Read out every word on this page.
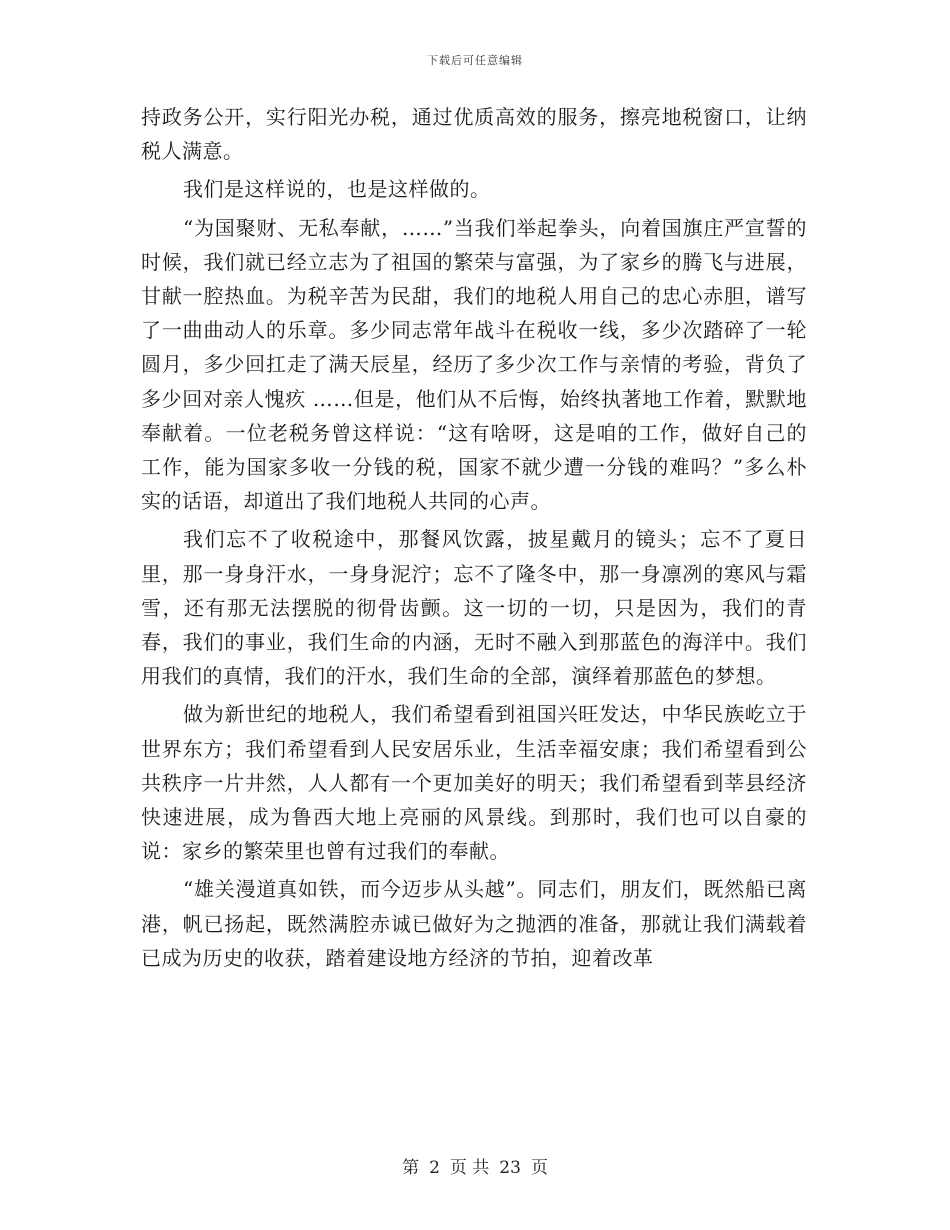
下载后可任意编辑

持政务公开，实行阳光办税，通过优质高效的服务，擦亮地税窗口，让纳税人满意。

我们是这样说的，也是这样做的。

“为国聚财、无私奉献，……”当我们举起拳头，向着国旗庄严宣誓的时候，我们就已经立志为了祖国的繁荣与富强，为了家乡的腾飞与进展，甘献一腔热血。为税辛苦为民甜，我们的地税人用自己的忠心赤胆，谱写了一曲曲动人的乐章。多少同志常年战斗在税收一线，多少次踏碎了一轮圆月，多少回扛走了满天辰星，经历了多少次工作与亲情的考验，背负了多少回对亲人愧疚 ……但是，他们从不后悔，始终执著地工作着，默默地奉献着。一位老税务曾这样说：“这有啥呀，这是咱的工作，做好自己的工作，能为国家多收一分钱的税，国家不就少遭一分钱的难吗？”多么朴实的话语，却道出了我们地税人共同的心声。

我们忘不了收税途中，那餐风饮露，披星戴月的镜头；忘不了夏日里，那一身身汗水，一身身泥泞；忘不了隆冬中，那一身凛冽的寒风与霜雪，还有那无法摆脱的彻骨齿颤。这一切的一切，只是因为，我们的青春，我们的事业，我们生命的内涵，无时不融入到那蓝色的海洋中。我们用我们的真情，我们的汗水，我们生命的全部，演绎着那蓝色的梦想。

做为新世纪的地税人，我们希望看到祖国兴旺发达，中华民族屹立于世界东方；我们希望看到人民安居乐业，生活幸福安康；我们希望看到公共秩序一片井然，人人都有一个更加美好的明天；我们希望看到莘县经济快速进展，成为鲁西大地上亮丽的风景线。到那时，我们也可以自豪的说：家乡的繁荣里也曾有过我们的奉献。

“雄关漫道真如铁，而今迈步从头越”。同志们，朋友们，既然船已离港，帆已扬起，既然满腔赤诚已做好为之抛洒的准备，那就让我们满载着已成为历史的收获，踏着建设地方经济的节拍，迎着改革

第 2 页 共 23 页
